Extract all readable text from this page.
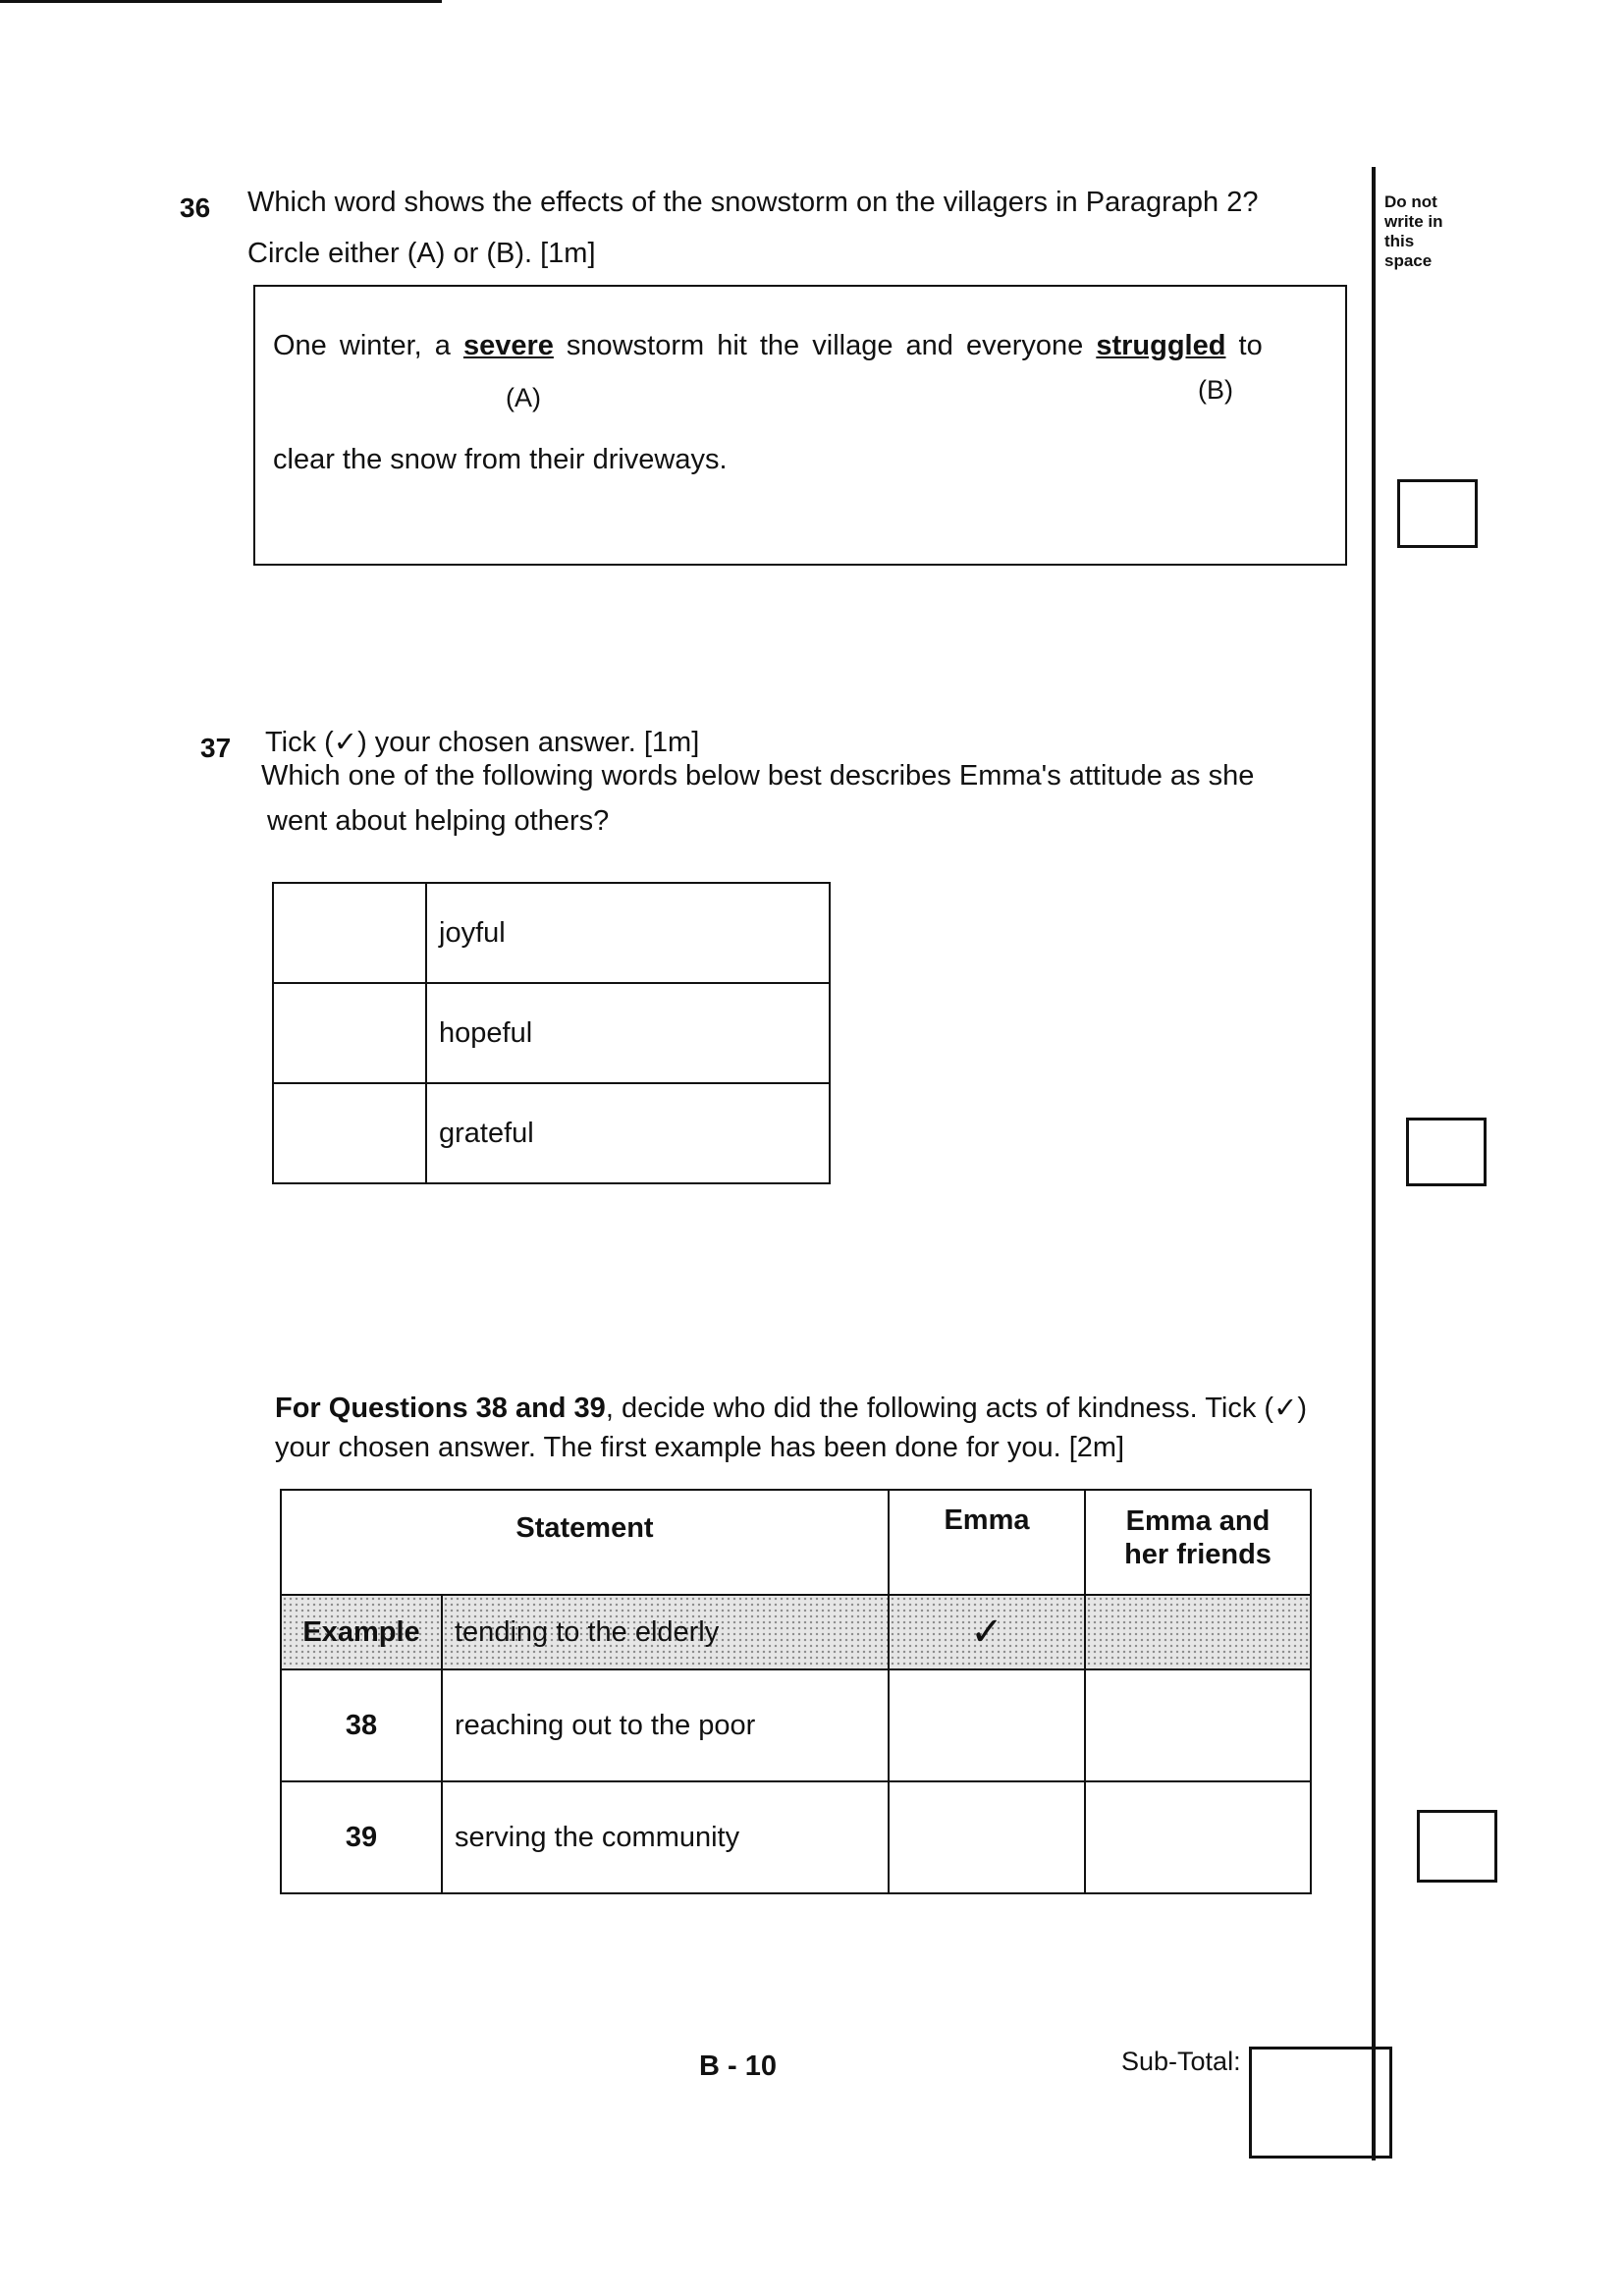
Do not write in this space
36 Which word shows the effects of the snowstorm on the villagers in Paragraph 2?
Circle either (A) or (B). [1m]
One winter, a severe snowstorm hit the village and everyone struggled to
(A)	(B)
clear the snow from their driveways.
37 Tick (✓) your chosen answer. [1m]
Which one of the following words below best describes Emma's attitude as she
went about helping others?
	joyful
	hopeful
	grateful
For Questions 38 and 39, decide who did the following acts of kindness. Tick (✓)
your chosen answer. The first example has been done for you. [2m]
Statement		Emma	Emma and
her friends
Example	tending to the elderly	✓	
38	reaching out to the poor		
39	serving the community		
B - 10	Sub-Total:
